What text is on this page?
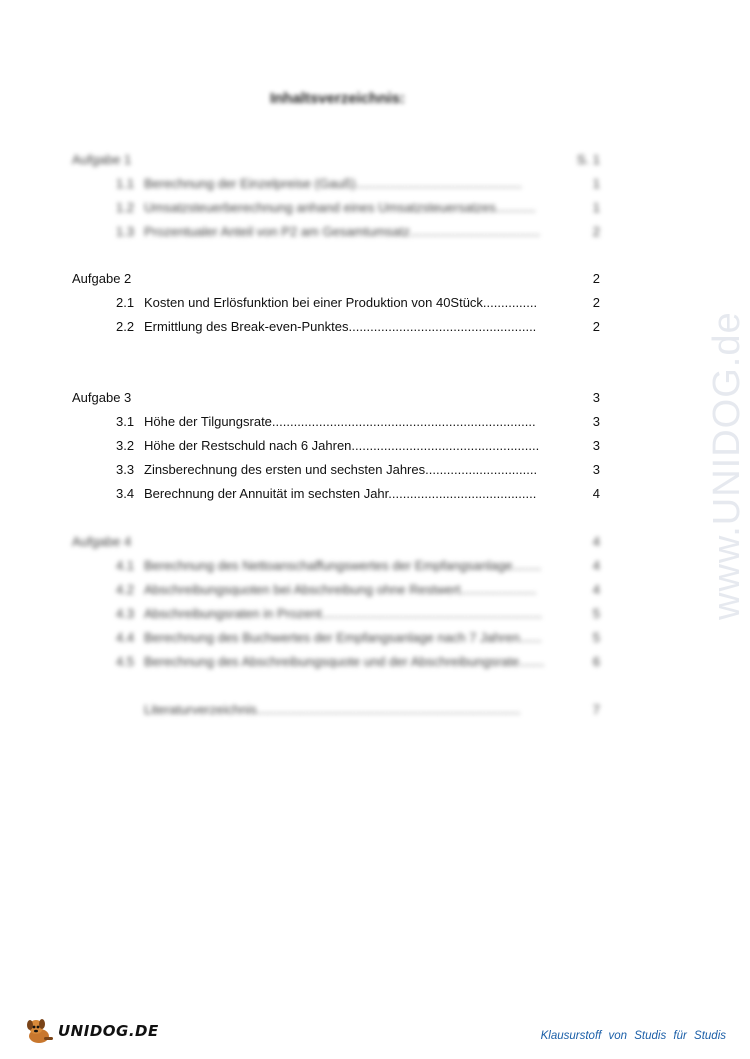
Inhaltsverzeichnis:
Aufgabe 1	S. 1
1.1 Berechnung der Einzelpreise (Gauß)..............................................	1
1.2 Umsatzsteuerberechnung anhand eines Umsatzsteuersatzes...........	1
1.3 Prozentualer Anteil von P2 am Gesamtumsatz....................................	2
Aufgabe 2	2
2.1 Kosten und Erlösfunktion bei einer Produktion von 40Stück...............	2
2.2 Ermittlung des Break-even-Punktes....................................................	2
Aufgabe 3	3
3.1 Höhe der Tilgungsrate.........................................................................	3
3.2 Höhe der Restschuld nach 6 Jahren....................................................	3
3.3 Zinsberechnung des ersten und sechsten Jahres...............................	3
3.4 Berechnung der Annuität im sechsten Jahr.........................................	4
Aufgabe 4	4
4.1 Berechnung des Nettoanschaffungswertes der Empfangsanlage........	4
4.2 Abschreibungsquoten bei Abschreibung ohne Restwert.....................	4
4.3 Abschreibungsraten in Prozent.............................................................	5
4.4 Berechnung des Buchwertes der Empfangsanlage nach 7 Jahren......	5
4.5 Berechnung des Abschreibungsquote und der Abschreibungsrate.......	6
Literaturverzeichnis.........................................................................	7
www.UNIDOG.de
UNIDOG.DE	Klausurstoff von Studis für Studis
